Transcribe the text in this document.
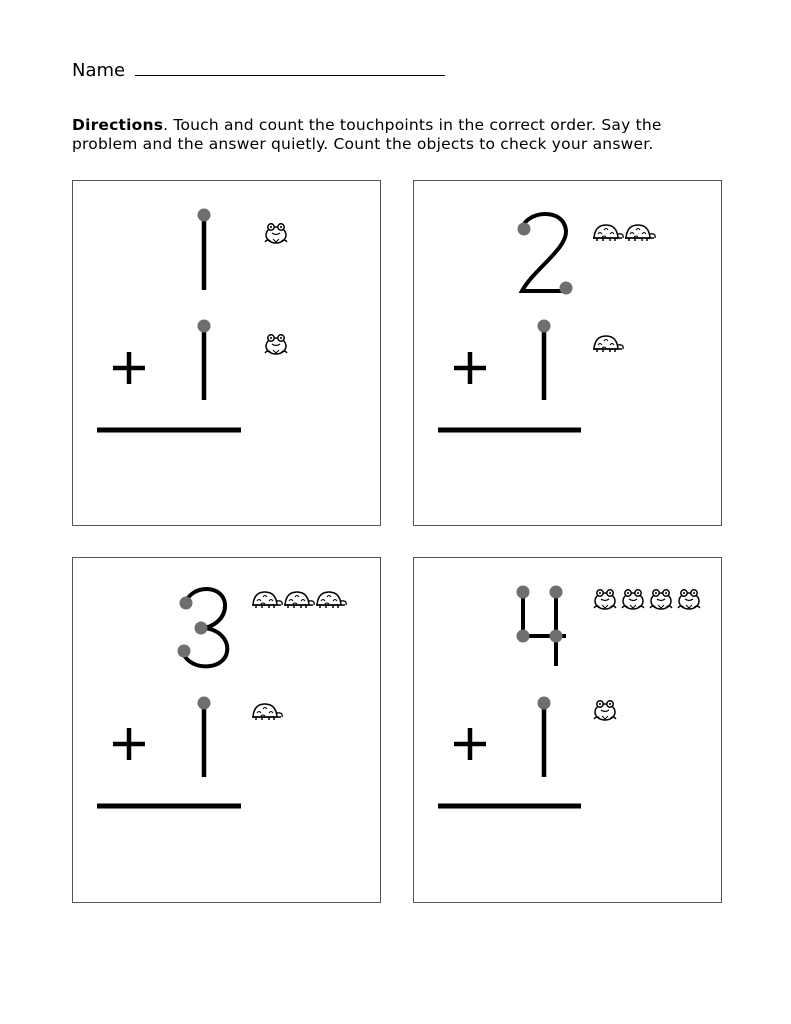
Name
Directions. Touch and count the touchpoints in the correct order. Say the problem and the answer quietly. Count the objects to check your answer.
